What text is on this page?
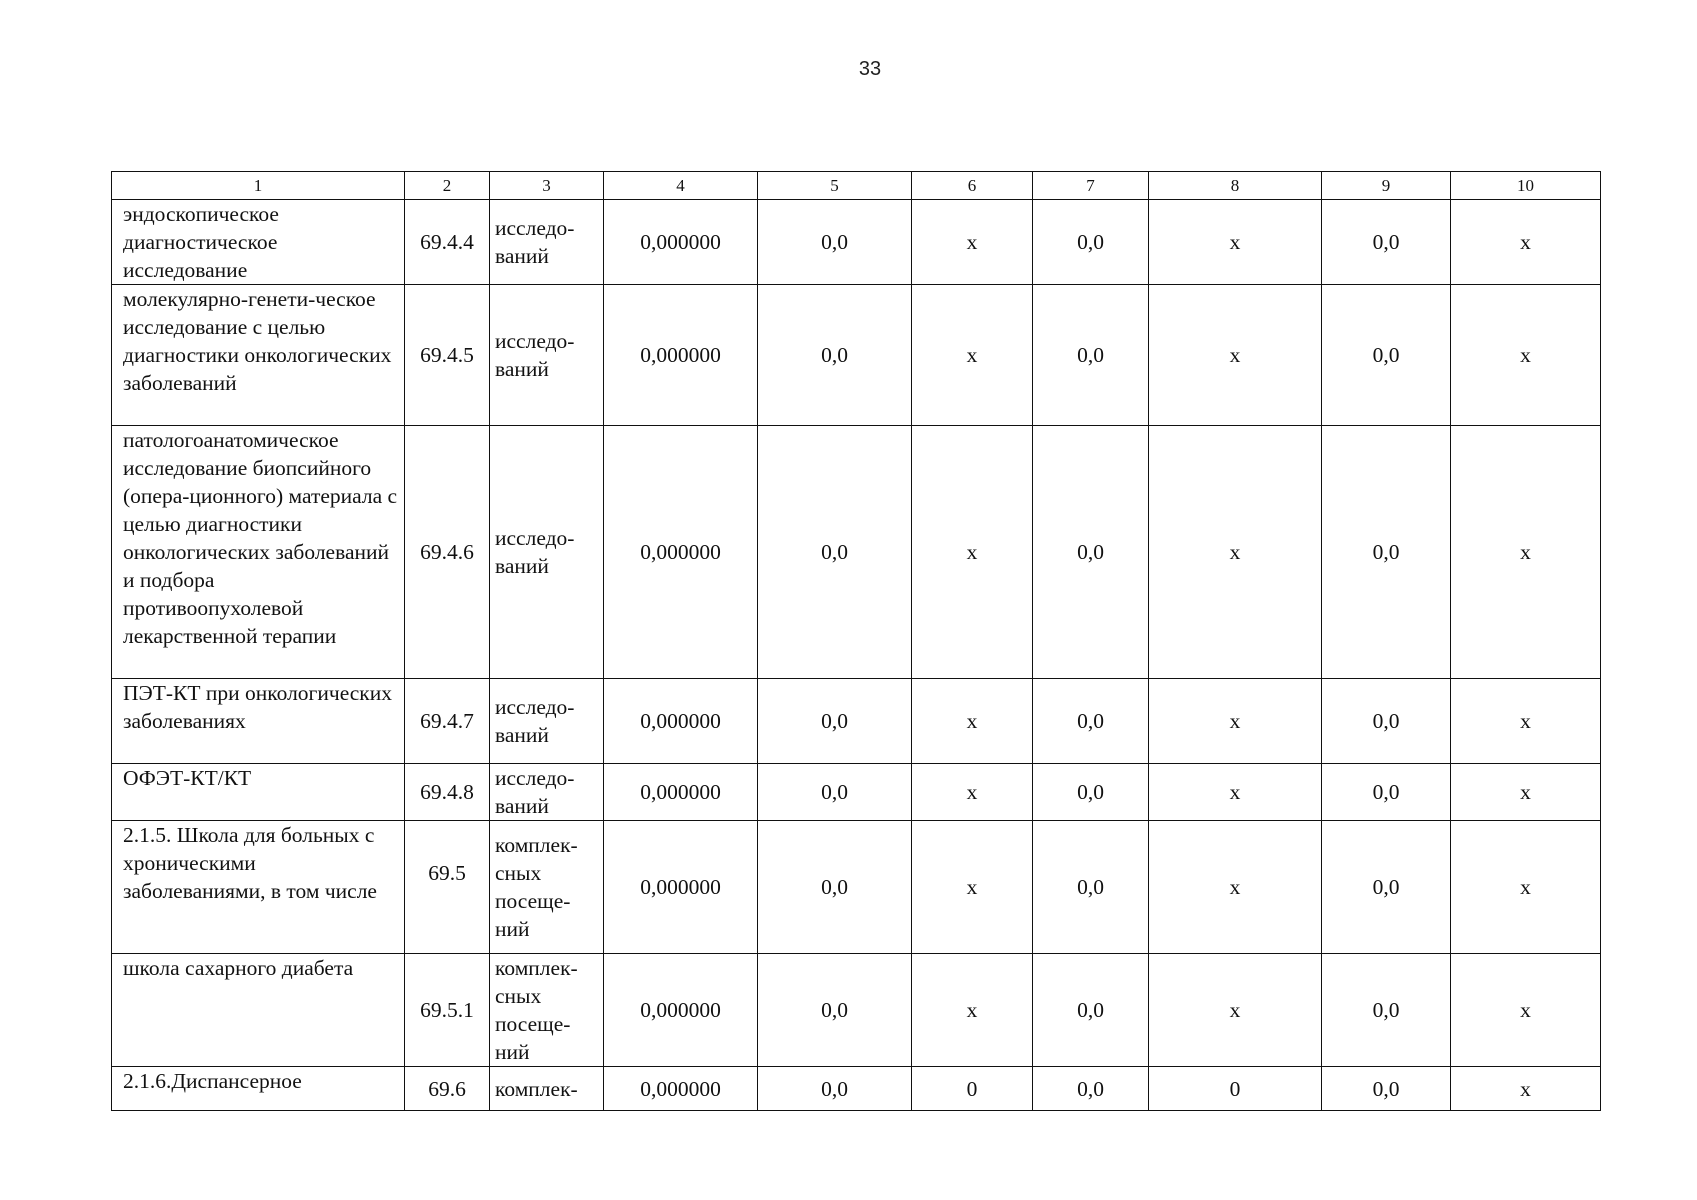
33
1	2	3	4	5	6	7	8	9	10
эндоскопическое диагностическое исследование	69.4.4	исследо-
ваний	0,000000	0,0	х	0,0	х	0,0	х
молекулярно-генети-ческое исследование с целью диагностики онкологических заболеваний	69.4.5	исследо-
ваний	0,000000	0,0	х	0,0	х	0,0	х
патологоанатомическое исследование биопсийного (опера-ционного) материала с целью диагностики онкологических заболеваний и подбора противоопухолевой лекарственной терапии	69.4.6	исследо-
ваний	0,000000	0,0	х	0,0	х	0,0	х
ПЭТ-КТ при онкологических заболеваниях	69.4.7	исследо-
ваний	0,000000	0,0	х	0,0	х	0,0	х
ОФЭТ-КТ/КТ	69.4.8	исследо-
ваний	0,000000	0,0	х	0,0	х	0,0	х
2.1.5. Школа для больных с хроническими заболеваниями, в том числе	69.5	комплек-
сных
посеще-
ний	0,000000	0,0	х	0,0	х	0,0	х
школа сахарного диабета	69.5.1	комплек-
сных
посеще-
ний	0,000000	0,0	х	0,0	х	0,0	х
2.1.6.Диспансерное	69.6	комплек-	0,000000	0,0	0	0,0	0	0,0	х
